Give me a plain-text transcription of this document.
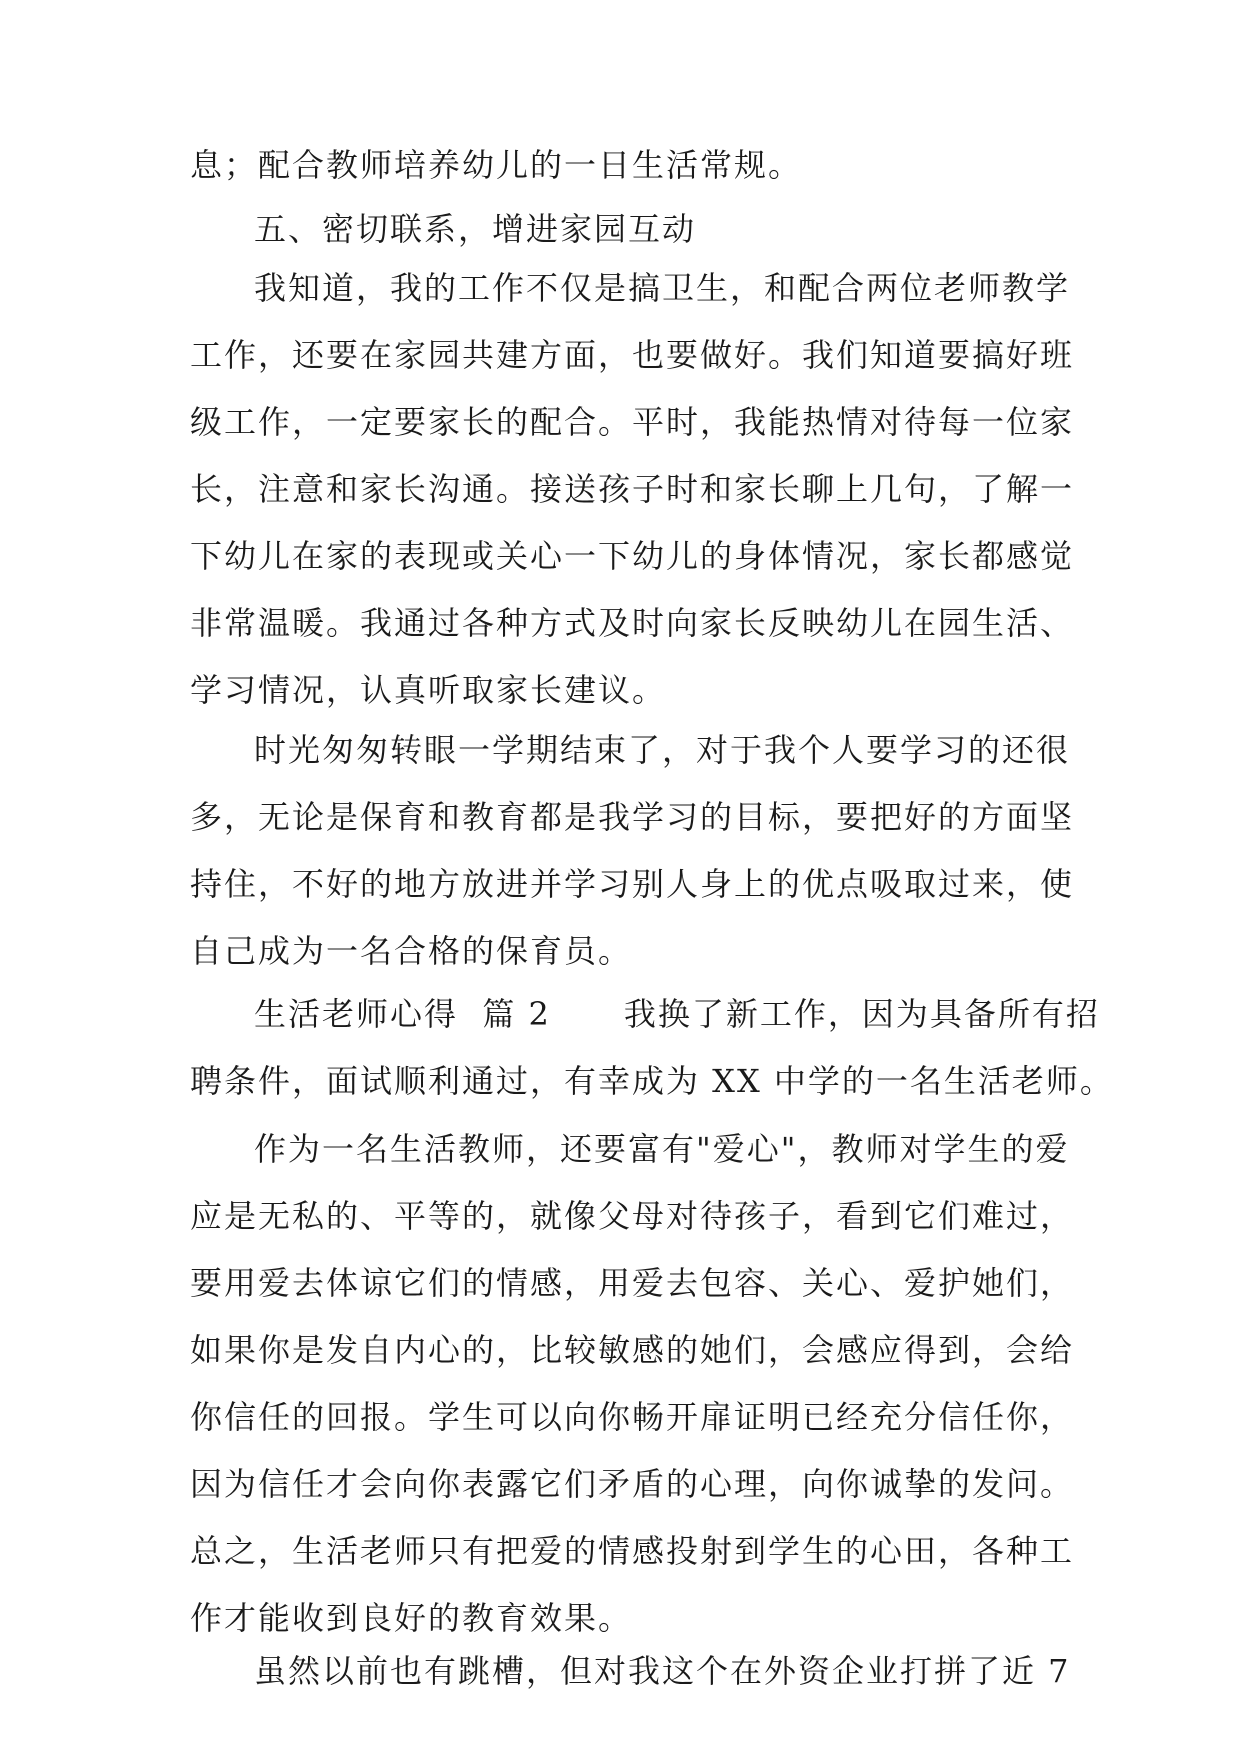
息；配合教师培养幼儿的一日生活常规。
五、密切联系，增进家园互动
我知道，我的工作不仅是搞卫生，和配合两位老师教学
工作，还要在家园共建方面，也要做好。我们知道要搞好班
级工作，一定要家长的配合。平时，我能热情对待每一位家
长，注意和家长沟通。接送孩子时和家长聊上几句，了解一
下幼儿在家的表现或关心一下幼儿的身体情况，家长都感觉
非常温暖。我通过各种方式及时向家长反映幼儿在园生活、
学习情况，认真听取家长建议。
时光匆匆转眼一学期结束了，对于我个人要学习的还很
多，无论是保育和教育都是我学习的目标，要把好的方面坚
持住，不好的地方放进并学习别人身上的优点吸取过来，使
自己成为一名合格的保育员。
生活老师心得  篇 2      我换了新工作，因为具备所有招
聘条件，面试顺利通过，有幸成为 XX 中学的一名生活老师。
作为一名生活教师，还要富有"爱心"，教师对学生的爱
应是无私的、平等的，就像父母对待孩子，看到它们难过，
要用爱去体谅它们的情感，用爱去包容、关心、爱护她们，
如果你是发自内心的，比较敏感的她们，会感应得到，会给
你信任的回报。学生可以向你畅开扉证明已经充分信任你，
因为信任才会向你表露它们矛盾的心理，向你诚挚的发问。
总之，生活老师只有把爱的情感投射到学生的心田，各种工
作才能收到良好的教育效果。
虽然以前也有跳槽，但对我这个在外资企业打拼了近 7
